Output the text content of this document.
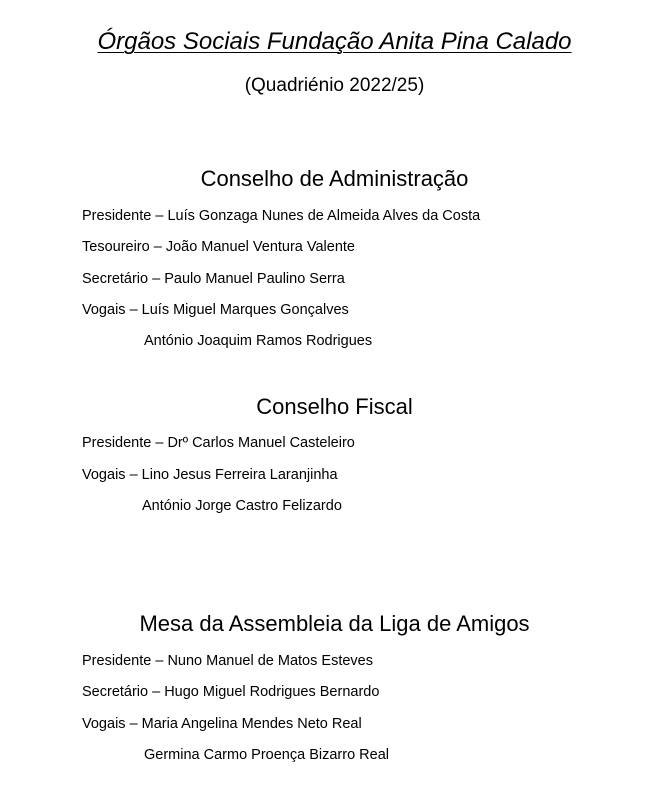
Órgãos Sociais Fundação Anita Pina Calado
(Quadriénio 2022/25)
Conselho de Administração
Presidente – Luís Gonzaga Nunes de Almeida Alves da Costa
Tesoureiro – João Manuel Ventura Valente
Secretário – Paulo Manuel Paulino Serra
Vogais – Luís Miguel Marques Gonçalves
António Joaquim Ramos Rodrigues
Conselho Fiscal
Presidente – Drº Carlos Manuel Casteleiro
Vogais – Lino Jesus Ferreira Laranjinha
António Jorge Castro Felizardo
Mesa da Assembleia da Liga de Amigos
Presidente – Nuno Manuel de Matos Esteves
Secretário – Hugo Miguel Rodrigues Bernardo
Vogais – Maria Angelina Mendes Neto Real
Germina Carmo Proença Bizarro Real
